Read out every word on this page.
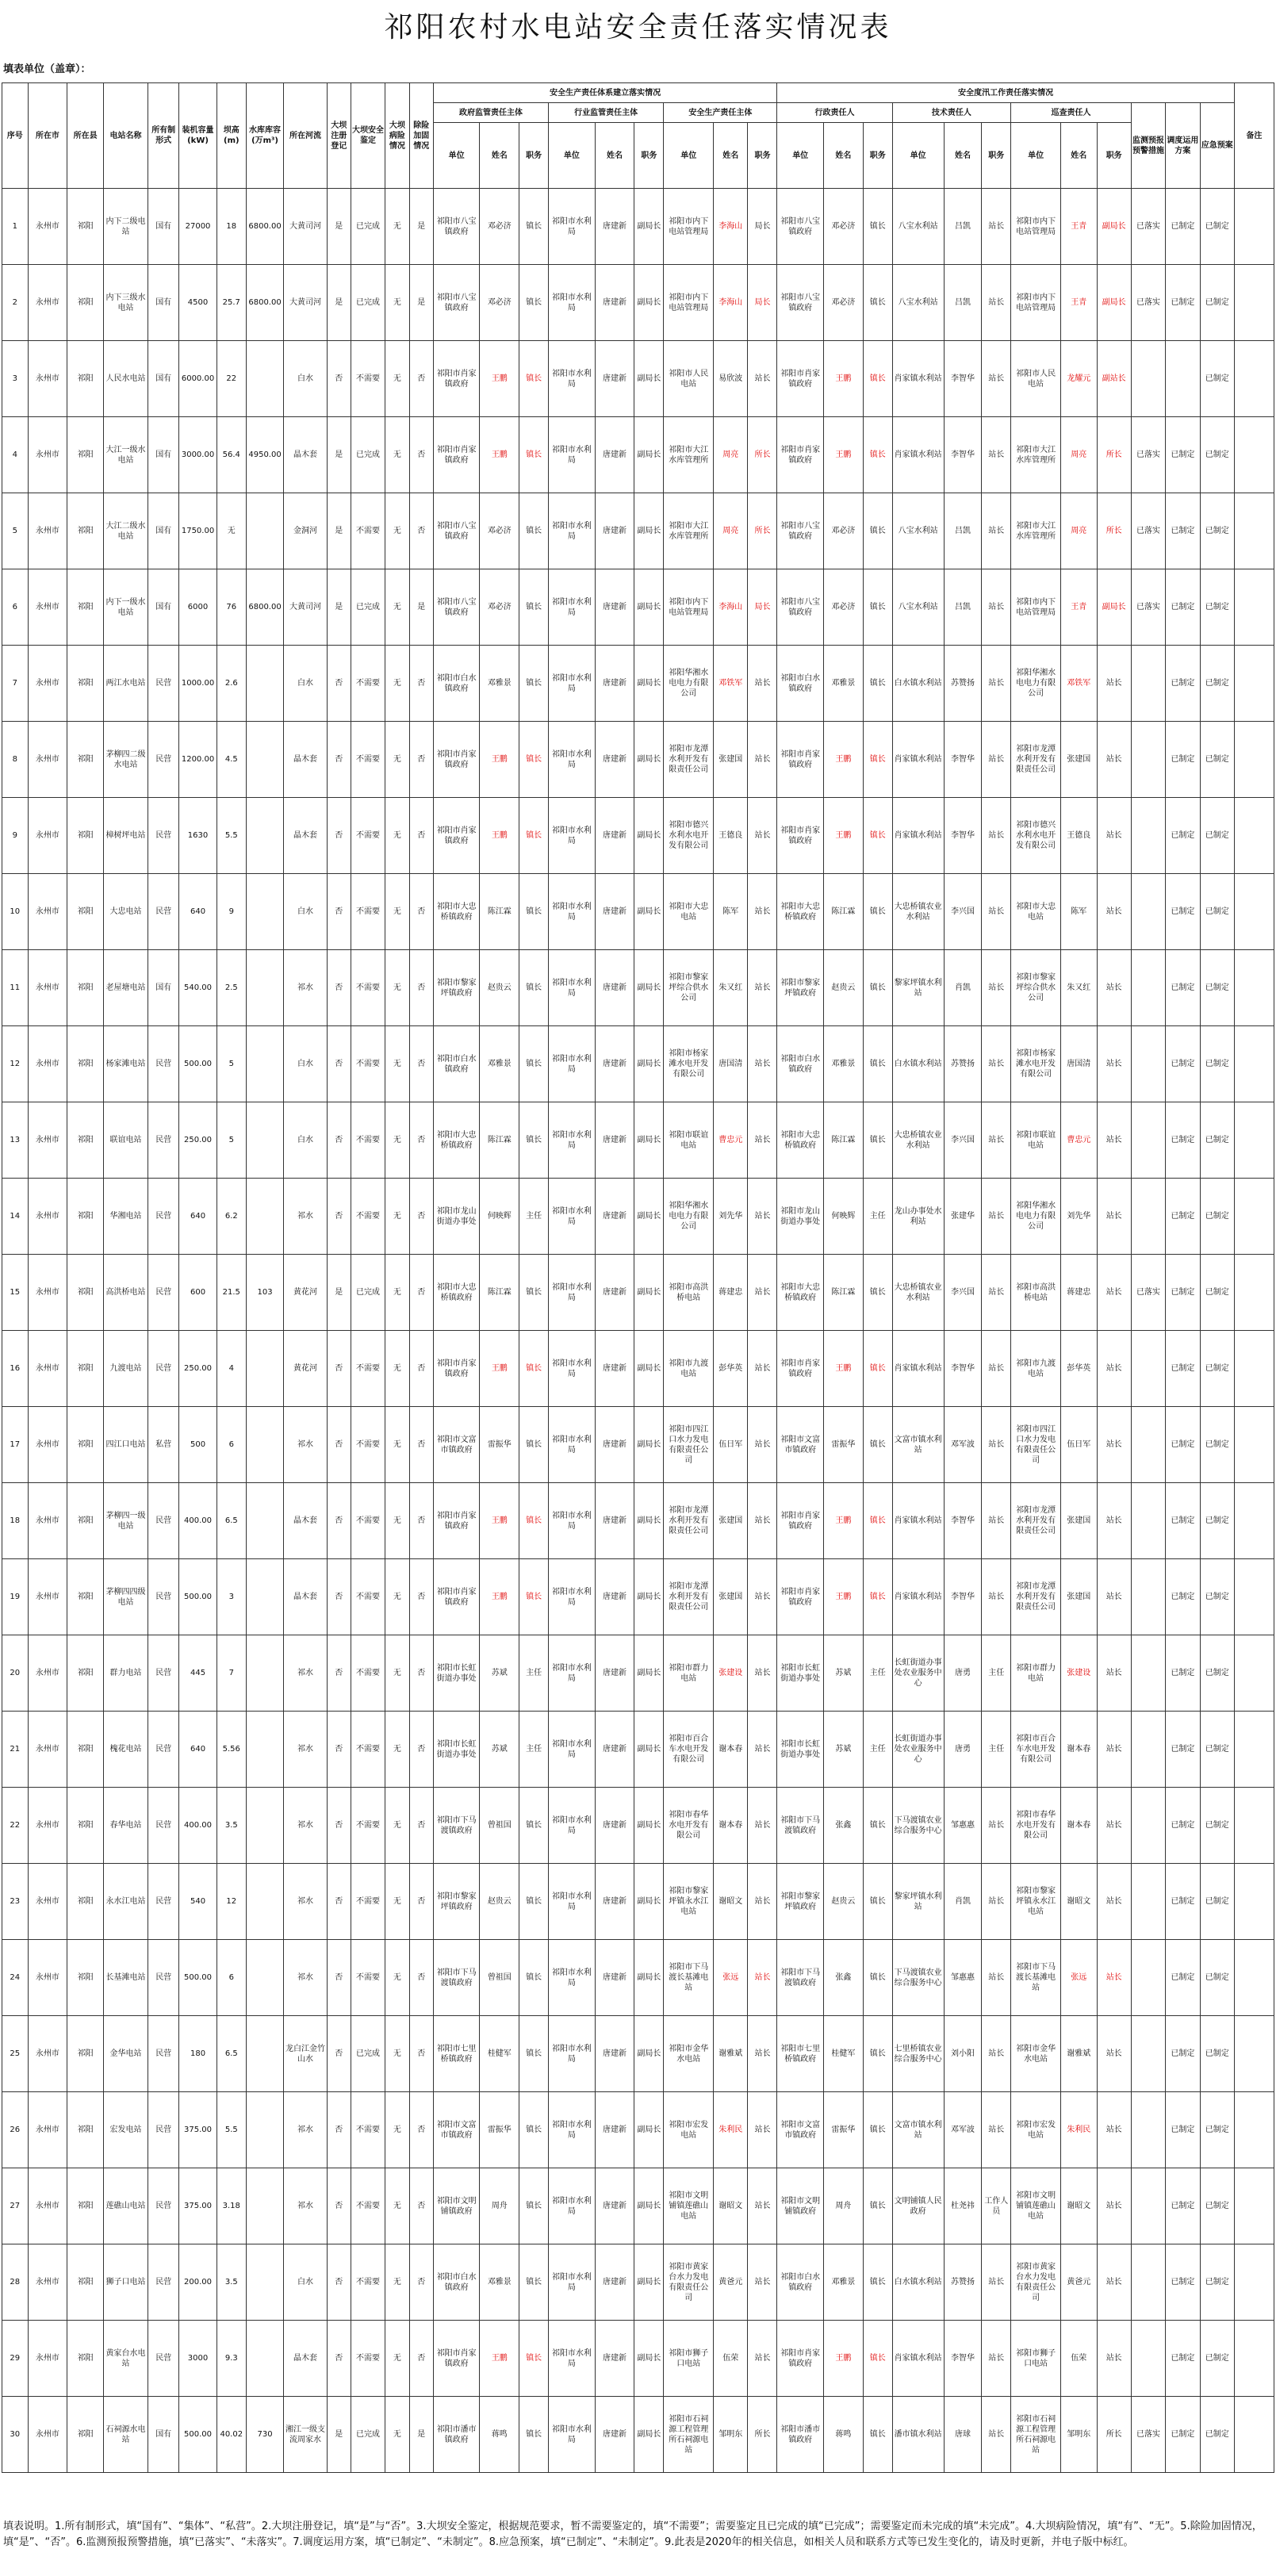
祁阳农村水电站安全责任落实情况表
填表单位（盖章）：
序号	所在市	所在县	电站名称	所有制形式	装机容量(kW)	坝高(m)	水库库容(万m³)	所在河流	大坝注册登记	大坝安全鉴定	大坝病险情况	除险加固情况	安全生产责任体系建立落实情况									安全度汛工作责任落实情况												备注
													政府监管责任主体			行业监管责任主体			安全生产责任主体			行政责任人			技术责任人			巡查责任人			监测预报预警措施	调度运用方案	应急预案	
													单位	姓名	职务	单位	姓名	职务	单位	姓名	职务	单位	姓名	职务	单位	姓名	职务	单位	姓名	职务				
1	永州市	祁阳	内下二级电站	国有	27000	18	6800.00	大黄司河	是	已完成	无	是	祁阳市八宝镇政府	邓必济	镇长	祁阳市水利局	唐建新	副局长	祁阳市内下电站管理局	李海山	局长	祁阳市八宝镇政府	邓必济	镇长	八宝水利站	吕凯	站长	祁阳市内下电站管理局	王青	副局长	已落实	已制定	已制定	
2	永州市	祁阳	内下三级水电站	国有	4500	25.7	6800.00	大黄司河	是	已完成	无	是	祁阳市八宝镇政府	邓必济	镇长	祁阳市水利局	唐建新	副局长	祁阳市内下电站管理局	李海山	局长	祁阳市八宝镇政府	邓必济	镇长	八宝水利站	吕凯	站长	祁阳市内下电站管理局	王青	副局长	已落实	已制定	已制定	
3	永州市	祁阳	人民水电站	国有	6000.00	22		白水	否	不需要	无	否	祁阳市肖家镇政府	王鹏	镇长	祁阳市水利局	唐建新	副局长	祁阳市人民电站	易欣波	站长	祁阳市肖家镇政府	王鹏	镇长	肖家镇水利站	李智华	站长	祁阳市人民电站	龙耀元	副站长			已制定	
4	永州市	祁阳	大江一级水电站	国有	3000.00	56.4	4950.00	晶木套	是	已完成	无	否	祁阳市肖家镇政府	王鹏	镇长	祁阳市水利局	唐建新	副局长	祁阳市大江水库管理所	周亮	所长	祁阳市肖家镇政府	王鹏	镇长	肖家镇水利站	李智华	站长	祁阳市大江水库管理所	周亮	所长	已落实	已制定	已制定	
5	永州市	祁阳	大江二级水电站	国有	1750.00	无		金洞河	是	不需要	无	否	祁阳市八宝镇政府	邓必济	镇长	祁阳市水利局	唐建新	副局长	祁阳市大江水库管理所	周亮	所长	祁阳市八宝镇政府	邓必济	镇长	八宝水利站	吕凯	站长	祁阳市大江水库管理所	周亮	所长	已落实	已制定	已制定	
6	永州市	祁阳	内下一级水电站	国有	6000	76	6800.00	大黄司河	是	已完成	无	是	祁阳市八宝镇政府	邓必济	镇长	祁阳市水利局	唐建新	副局长	祁阳市内下电站管理局	李海山	局长	祁阳市八宝镇政府	邓必济	镇长	八宝水利站	吕凯	站长	祁阳市内下电站管理局	王青	副局长	已落实	已制定	已制定	
7	永州市	祁阳	两江水电站	民营	1000.00	2.6		白水	否	不需要	无	否	祁阳市白水镇政府	邓雅景	镇长	祁阳市水利局	唐建新	副局长	祁阳华湘水电电力有限公司	邓铁军	站长	祁阳市白水镇政府	邓雅景	镇长	白水镇水利站	苏赞扬	站长	祁阳华湘水电电力有限公司	邓铁军	站长		已制定	已制定	
8	永州市	祁阳	茅柳四二级水电站	民营	1200.00	4.5		晶木套	否	不需要	无	否	祁阳市肖家镇政府	王鹏	镇长	祁阳市水利局	唐建新	副局长	祁阳市龙潭水利开发有限责任公司	张建国	站长	祁阳市肖家镇政府	王鹏	镇长	肖家镇水利站	李智华	站长	祁阳市龙潭水利开发有限责任公司	张建国	站长		已制定	已制定	
9	永州市	祁阳	樟树坪电站	民营	1630	5.5		晶木套	否	不需要	无	否	祁阳市肖家镇政府	王鹏	镇长	祁阳市水利局	唐建新	副局长	祁阳市德兴水利水电开发有限公司	王德良	站长	祁阳市肖家镇政府	王鹏	镇长	肖家镇水利站	李智华	站长	祁阳市德兴水利水电开发有限公司	王德良	站长		已制定	已制定	
10	永州市	祁阳	大忠电站	民营	640	9		白水	否	不需要	无	否	祁阳市大忠桥镇政府	陈江霖	镇长	祁阳市水利局	唐建新	副局长	祁阳市大忠电站	陈军	站长	祁阳市大忠桥镇政府	陈江霖	镇长	大忠桥镇农业水利站	李兴国	站长	祁阳市大忠电站	陈军	站长		已制定	已制定	
11	永州市	祁阳	老屋塘电站	国有	540.00	2.5		祁水	否	不需要	无	否	祁阳市黎家坪镇政府	赵贵云	镇长	祁阳市水利局	唐建新	副局长	祁阳市黎家坪综合供水公司	朱又红	站长	祁阳市黎家坪镇政府	赵贵云	镇长	黎家坪镇水利站	肖凯	站长	祁阳市黎家坪综合供水公司	朱又红	站长		已制定	已制定	
12	永州市	祁阳	杨家滩电站	民营	500.00	5		白水	否	不需要	无	否	祁阳市白水镇政府	邓雅景	镇长	祁阳市水利局	唐建新	副局长	祁阳市杨家滩水电开发有限公司	唐国清	站长	祁阳市白水镇政府	邓雅景	镇长	白水镇水利站	苏赞扬	站长	祁阳市杨家滩水电开发有限公司	唐国清	站长		已制定	已制定	
13	永州市	祁阳	联谊电站	民营	250.00	5		白水	否	不需要	无	否	祁阳市大忠桥镇政府	陈江霖	镇长	祁阳市水利局	唐建新	副局长	祁阳市联谊电站	曹忠元	站长	祁阳市大忠桥镇政府	陈江霖	镇长	大忠桥镇农业水利站	李兴国	站长	祁阳市联谊电站	曹忠元	站长		已制定	已制定	
14	永州市	祁阳	华湘电站	民营	640	6.2		祁水	否	不需要	无	否	祁阳市龙山街道办事处	何映辉	主任	祁阳市水利局	唐建新	副局长	祁阳华湘水电电力有限公司	刘先华	站长	祁阳市龙山街道办事处	何映辉	主任	龙山办事处水利站	张建华	站长	祁阳华湘水电电力有限公司	刘先华	站长		已制定	已制定	
15	永州市	祁阳	高洪桥电站	民营	600	21.5	103	黄花河	是	已完成	无	否	祁阳市大忠桥镇政府	陈江霖	镇长	祁阳市水利局	唐建新	副局长	祁阳市高洪桥电站	蒋建忠	站长	祁阳市大忠桥镇政府	陈江霖	镇长	大忠桥镇农业水利站	李兴国	站长	祁阳市高洪桥电站	蒋建忠	站长	已落实	已制定	已制定	
16	永州市	祁阳	九渡电站	民营	250.00	4		黄花河	否	不需要	无	否	祁阳市肖家镇政府	王鹏	镇长	祁阳市水利局	唐建新	副局长	祁阳市九渡电站	彭华英	站长	祁阳市肖家镇政府	王鹏	镇长	肖家镇水利站	李智华	站长	祁阳市九渡电站	彭华英	站长		已制定	已制定	
17	永州市	祁阳	四江口电站	私营	500	6		祁水	否	不需要	无	否	祁阳市文富市镇政府	雷振华	镇长	祁阳市水利局	唐建新	副局长	祁阳市四江口水力发电有限责任公司	伍日军	站长	祁阳市文富市镇政府	雷振华	镇长	文富市镇水利站	邓军波	站长	祁阳市四江口水力发电有限责任公司	伍日军	站长		已制定	已制定	
18	永州市	祁阳	茅柳四一级电站	民营	400.00	6.5		晶木套	否	不需要	无	否	祁阳市肖家镇政府	王鹏	镇长	祁阳市水利局	唐建新	副局长	祁阳市龙潭水利开发有限责任公司	张建国	站长	祁阳市肖家镇政府	王鹏	镇长	肖家镇水利站	李智华	站长	祁阳市龙潭水利开发有限责任公司	张建国	站长		已制定	已制定	
19	永州市	祁阳	茅柳四四级电站	民营	500.00	3		晶木套	否	不需要	无	否	祁阳市肖家镇政府	王鹏	镇长	祁阳市水利局	唐建新	副局长	祁阳市龙潭水利开发有限责任公司	张建国	站长	祁阳市肖家镇政府	王鹏	镇长	肖家镇水利站	李智华	站长	祁阳市龙潭水利开发有限责任公司	张建国	站长		已制定	已制定	
20	永州市	祁阳	群力电站	民营	445	7		祁水	否	不需要	无	否	祁阳市长虹街道办事处	苏斌	主任	祁阳市水利局	唐建新	副局长	祁阳市群力电站	张建设	站长	祁阳市长虹街道办事处	苏斌	主任	长虹街道办事处农业服务中心	唐勇	主任	祁阳市群力电站	张建设	站长		已制定	已制定	
21	永州市	祁阳	槐花电站	民营	640	5.56		祁水	否	不需要	无	否	祁阳市长虹街道办事处	苏斌	主任	祁阳市水利局	唐建新	副局长	祁阳市百合车水电开发有限公司	谢本春	站长	祁阳市长虹街道办事处	苏斌	主任	长虹街道办事处农业服务中心	唐勇	主任	祁阳市百合车水电开发有限公司	谢本春	站长		已制定	已制定	
22	永州市	祁阳	春华电站	民营	400.00	3.5		祁水	否	不需要	无	否	祁阳市下马渡镇政府	曾祖国	镇长	祁阳市水利局	唐建新	副局长	祁阳市春华水电开发有限公司	谢本春	站长	祁阳市下马渡镇政府	张鑫	镇长	下马渡镇农业综合服务中心	邹惠惠	站长	祁阳市春华水电开发有限公司	谢本春	站长		已制定	已制定	
23	永州市	祁阳	永水江电站	民营	540	12		祁水	否	不需要	无	否	祁阳市黎家坪镇政府	赵贵云	镇长	祁阳市水利局	唐建新	副局长	祁阳市黎家坪镇永水江电站	谢昭文	站长	祁阳市黎家坪镇政府	赵贵云	镇长	黎家坪镇水利站	肖凯	站长	祁阳市黎家坪镇永水江电站	谢昭文	站长		已制定	已制定	
24	永州市	祁阳	长基滩电站	民营	500.00	6		祁水	否	不需要	无	否	祁阳市下马渡镇政府	曾祖国	镇长	祁阳市水利局	唐建新	副局长	祁阳市下马渡长基滩电站	张远	站长	祁阳市下马渡镇政府	张鑫	镇长	下马渡镇农业综合服务中心	邹惠惠	站长	祁阳市下马渡长基滩电站	张远	站长		已制定	已制定	
25	永州市	祁阳	金华电站	民营	180	6.5		龙白江金竹山水	否	已完成	无	否	祁阳市七里桥镇政府	桂健军	镇长	祁阳市水利局	唐建新	副局长	祁阳市金华水电站	谢雅斌	站长	祁阳市七里桥镇政府	桂健军	镇长	七里桥镇农业综合服务中心	刘小阳	站长	祁阳市金华水电站	谢雅斌	站长		已制定	已制定	
26	永州市	祁阳	宏发电站	民营	375.00	5.5		祁水	否	不需要	无	否	祁阳市文富市镇政府	雷振华	镇长	祁阳市水利局	唐建新	副局长	祁阳市宏发电站	朱利民	站长	祁阳市文富市镇政府	雷振华	镇长	文富市镇水利站	邓军波	站长	祁阳市宏发电站	朱利民	站长		已制定	已制定	
27	永州市	祁阳	莲礁山电站	民营	375.00	3.18		祁水	否	不需要	无	否	祁阳市文明铺镇政府	周舟	镇长	祁阳市水利局	唐建新	副局长	祁阳市文明铺镇莲礁山电站	谢昭文	站长	祁阳市文明铺镇政府	周舟	镇长	文明铺镇人民政府	杜尧祎	工作人员	祁阳市文明铺镇莲礁山电站	谢昭文	站长		已制定	已制定	
28	永州市	祁阳	狮子口电站	民营	200.00	3.5		白水	否	不需要	无	否	祁阳市白水镇政府	邓雅景	镇长	祁阳市水利局	唐建新	副局长	祁阳市黄家台水力发电有限责任公司	黄爸元	站长	祁阳市白水镇政府	邓雅景	镇长	白水镇水利站	苏赞扬	站长	祁阳市黄家台水力发电有限责任公司	黄爸元	站长		已制定	已制定	
29	永州市	祁阳	黄家台水电站	民营	3000	9.3		晶木套	否	不需要	无	否	祁阳市肖家镇政府	王鹏	镇长	祁阳市水利局	唐建新	副局长	祁阳市狮子口电站	伍荣	站长	祁阳市肖家镇政府	王鹏	镇长	肖家镇水利站	李智华	站长	祁阳市狮子口电站	伍荣	站长		已制定	已制定	
30	永州市	祁阳	石祠源水电站	国有	500.00	40.02	730	湘江一级支流周家水	是	已完成	无	是	祁阳市潘市镇政府	蒋鸣	镇长	祁阳市水利局	唐建新	副局长	祁阳市石祠源工程管理所石祠源电站	邹明东	所长	祁阳市潘市镇政府	蒋鸣	镇长	潘市镇水利站	唐球	站长	祁阳市石祠源工程管理所石祠源电站	邹明东	所长	已落实	已制定	已制定	
填表说明。1.所有制形式，填“国有”、“集体”、“私营”。2.大坝注册登记，填“是”与“否”。3.大坝安全鉴定，根据规范要求，暂不需要鉴定的，填“不需要”；需要鉴定且已完成的填“已完成”；需要鉴定而未完成的填“未完成”。4.大坝病险情况，填“有”、“无”。5.除险加固情况，填“是”、“否”。6.监测预报预警措施，填“已落实”、“未落实”。7.调度运用方案，填“已制定”、“未制定”。8.应急预案，填“已制定”、“未制定”。9.此表是2020年的相关信息，如相关人员和联系方式等已发生变化的，请及时更新，并电子版中标红。
